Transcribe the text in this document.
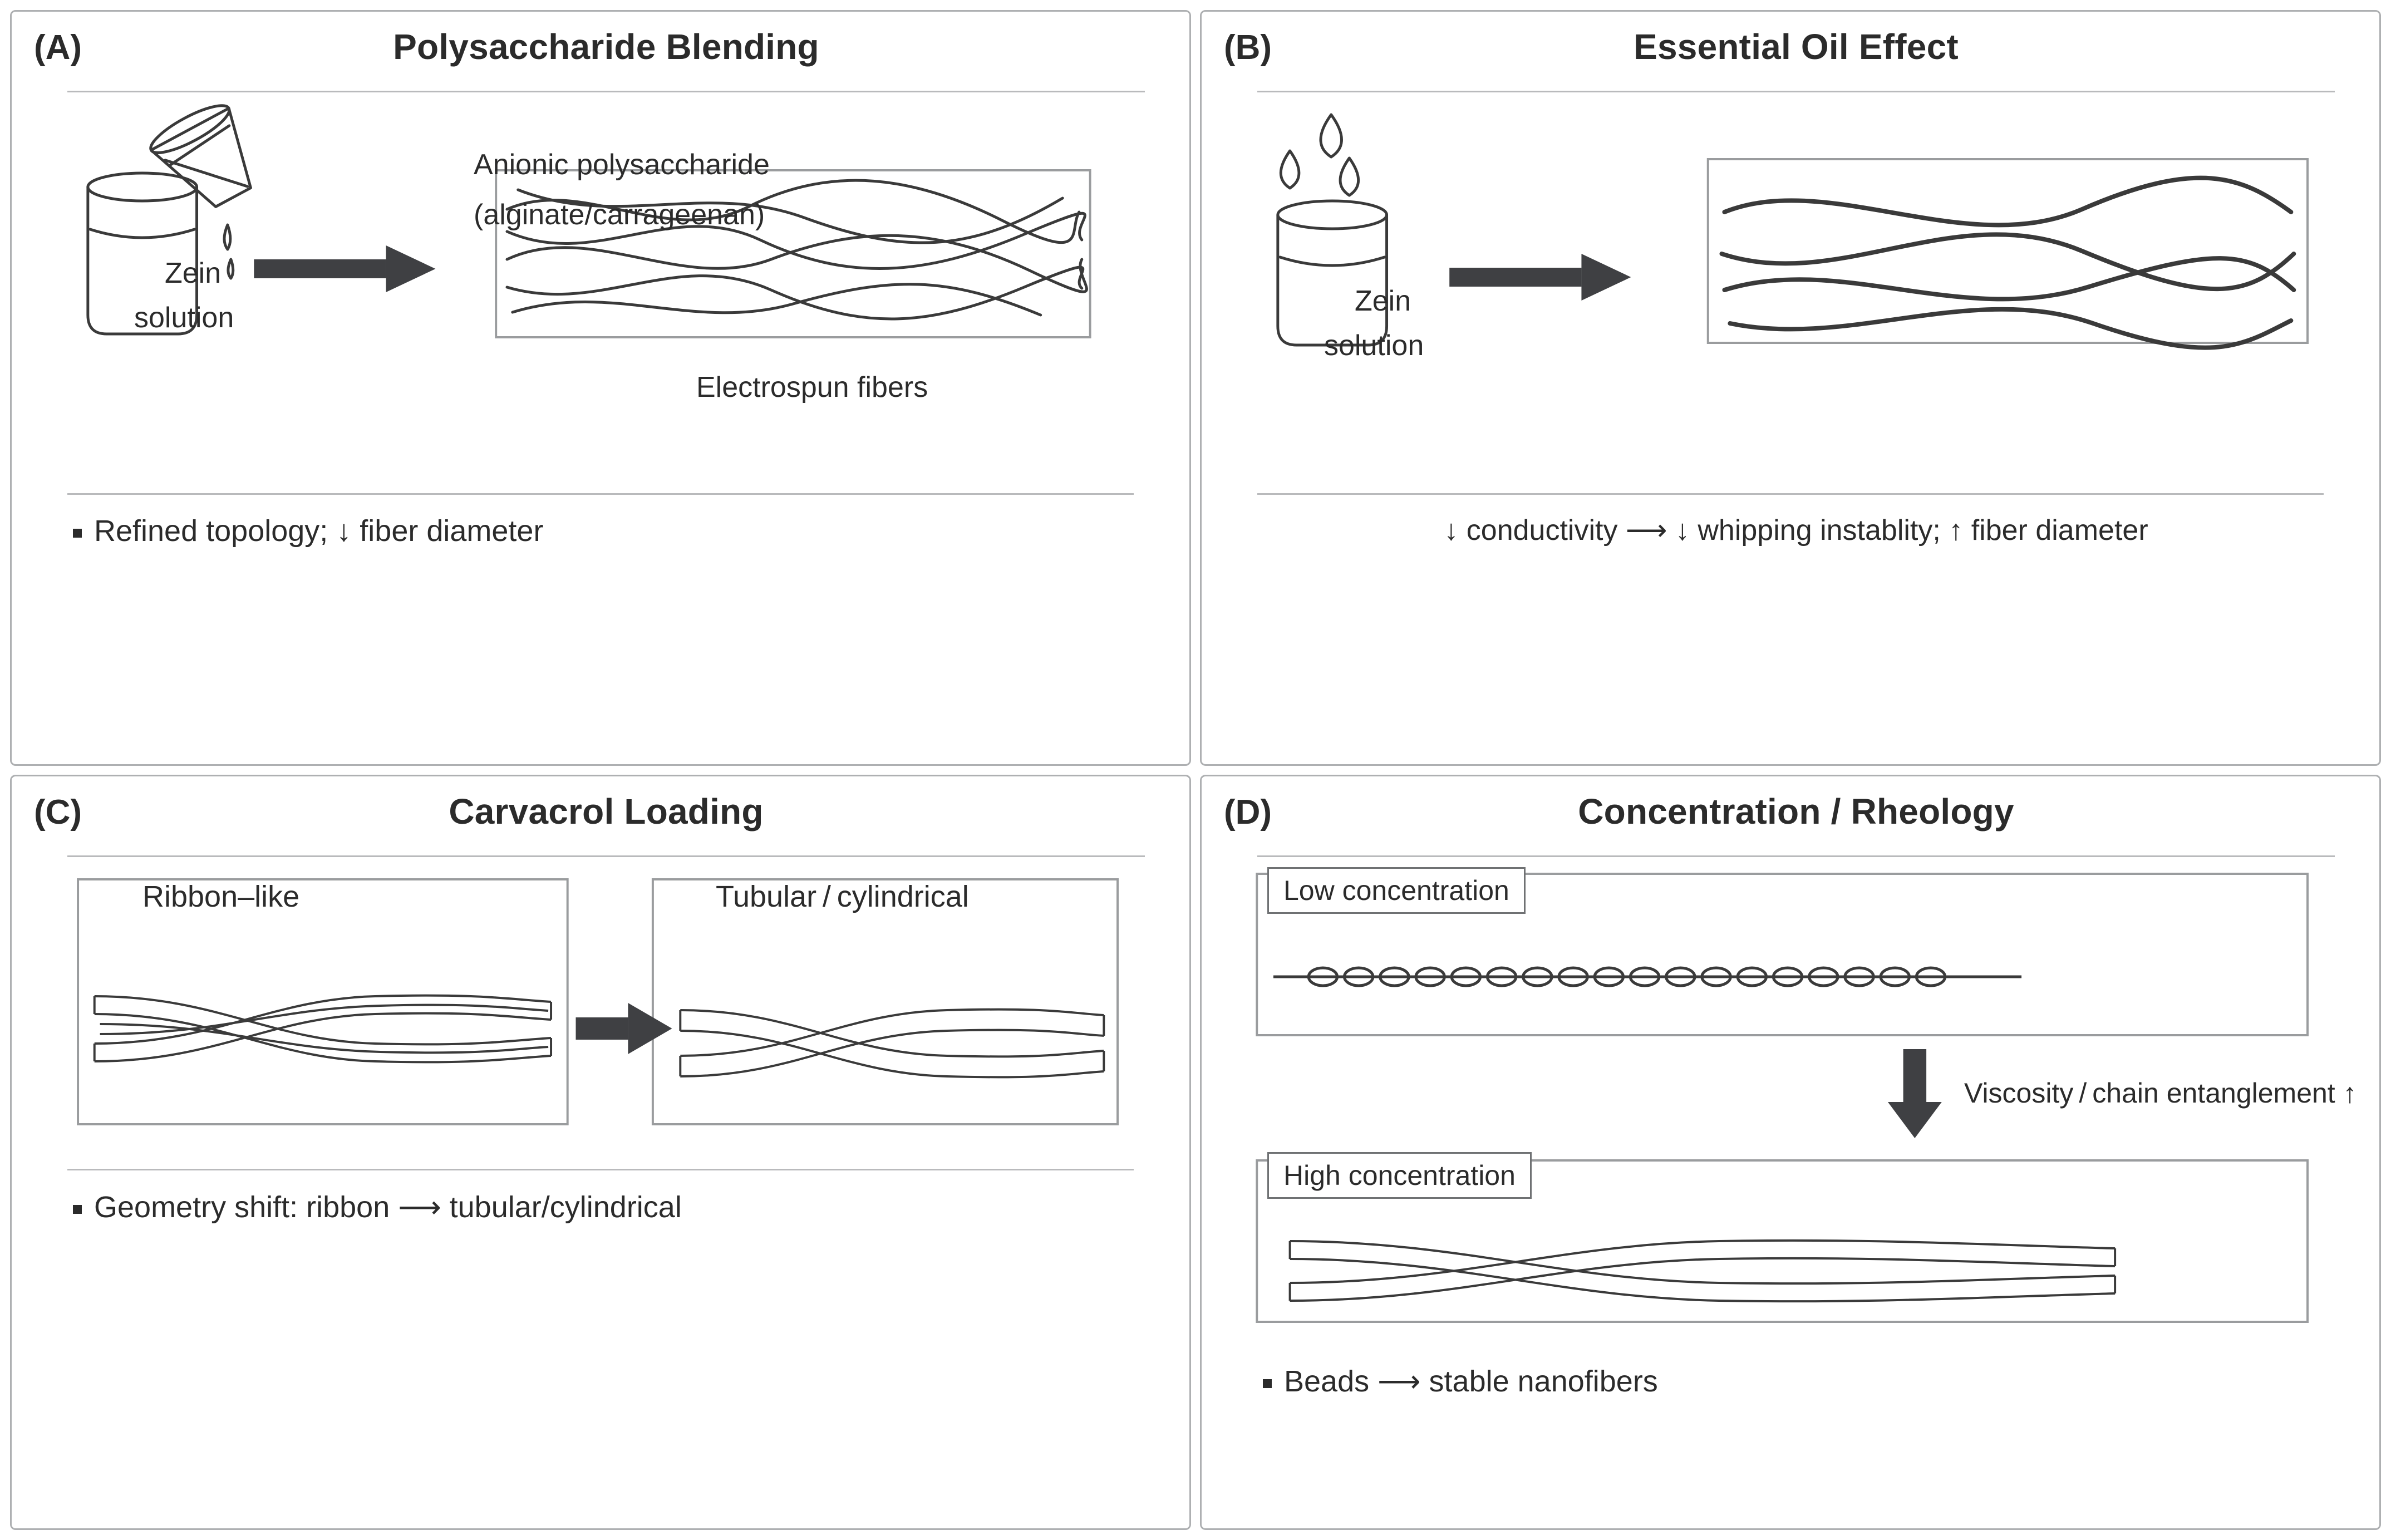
(A)	Polysaccharide Blending
Anionic polysaccharide
(alginate/carrageenan)
Zein
solution
Electrospun fibers
Refined topology; ↓ fiber diameter
(B)	Essential Oil Effect
Zein
solution
↓ conductivity ⟶ ↓ whipping instablity; ↑ fiber diameter
(C)	Carvacrol Loading
Ribbon–like	Tubular / cylindrical
Geometry shift: ribbon ⟶ tubular/cylindrical
(D)	Concentration / Rheology
Low concentration
High concentration
Viscosity / chain entanglement ↑
Beads ⟶ stable nanofibers
